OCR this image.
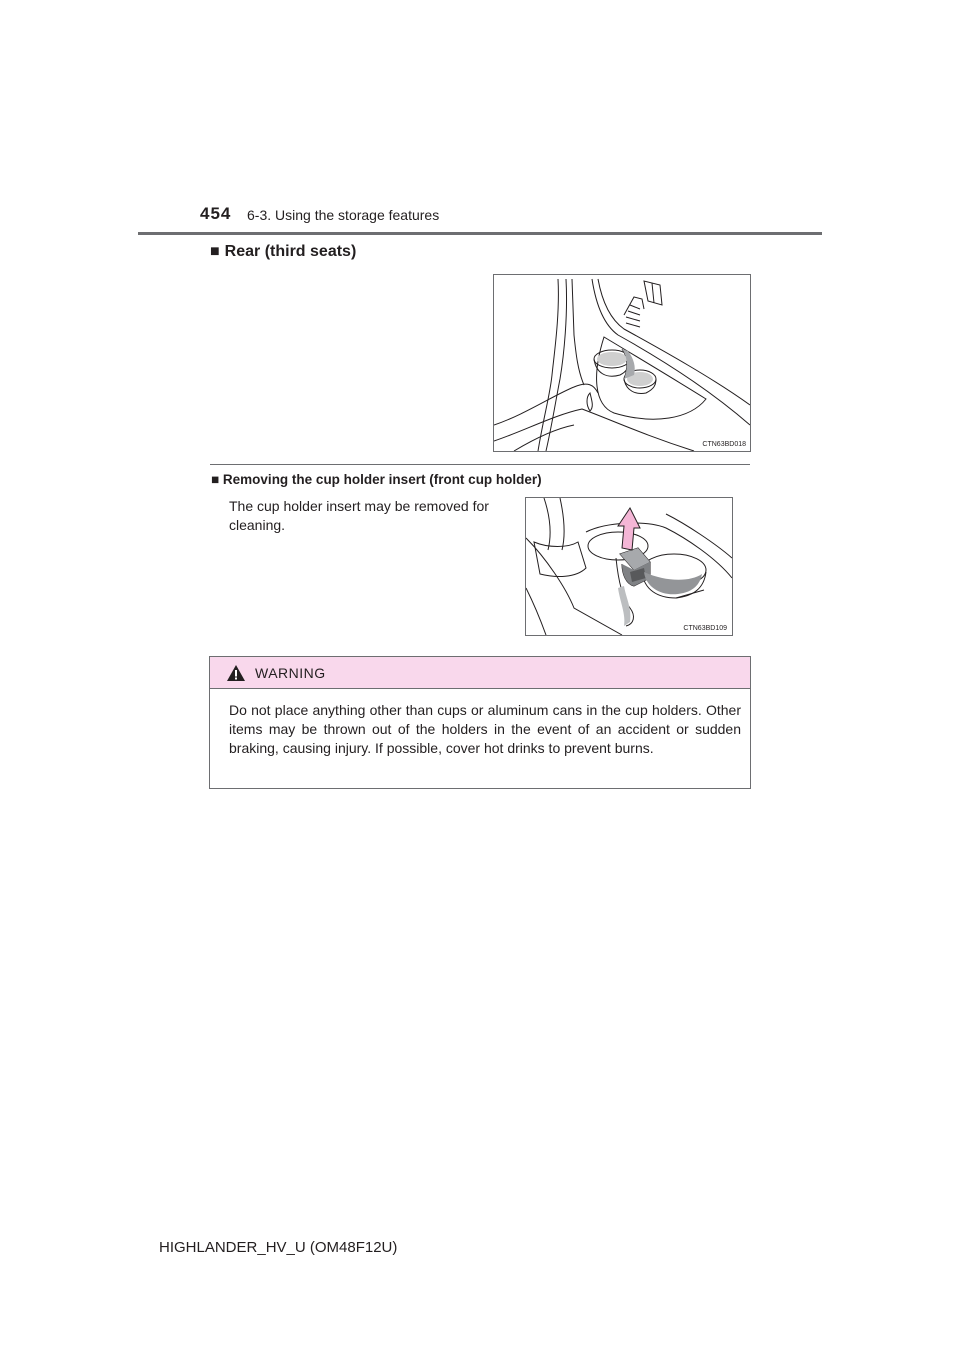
454 6-3. Using the storage features
■ Rear (third seats)
CTN63BD018
■ Removing the cup holder insert (front cup holder)
The cup holder insert may be removed for cleaning.
CTN63BD109
WARNING
Do not place anything other than cups or aluminum cans in the cup holders. Other items may be thrown out of the holders in the event of an accident or sudden braking, causing injury. If possible, cover hot drinks to prevent burns.
HIGHLANDER_HV_U (OM48F12U)
